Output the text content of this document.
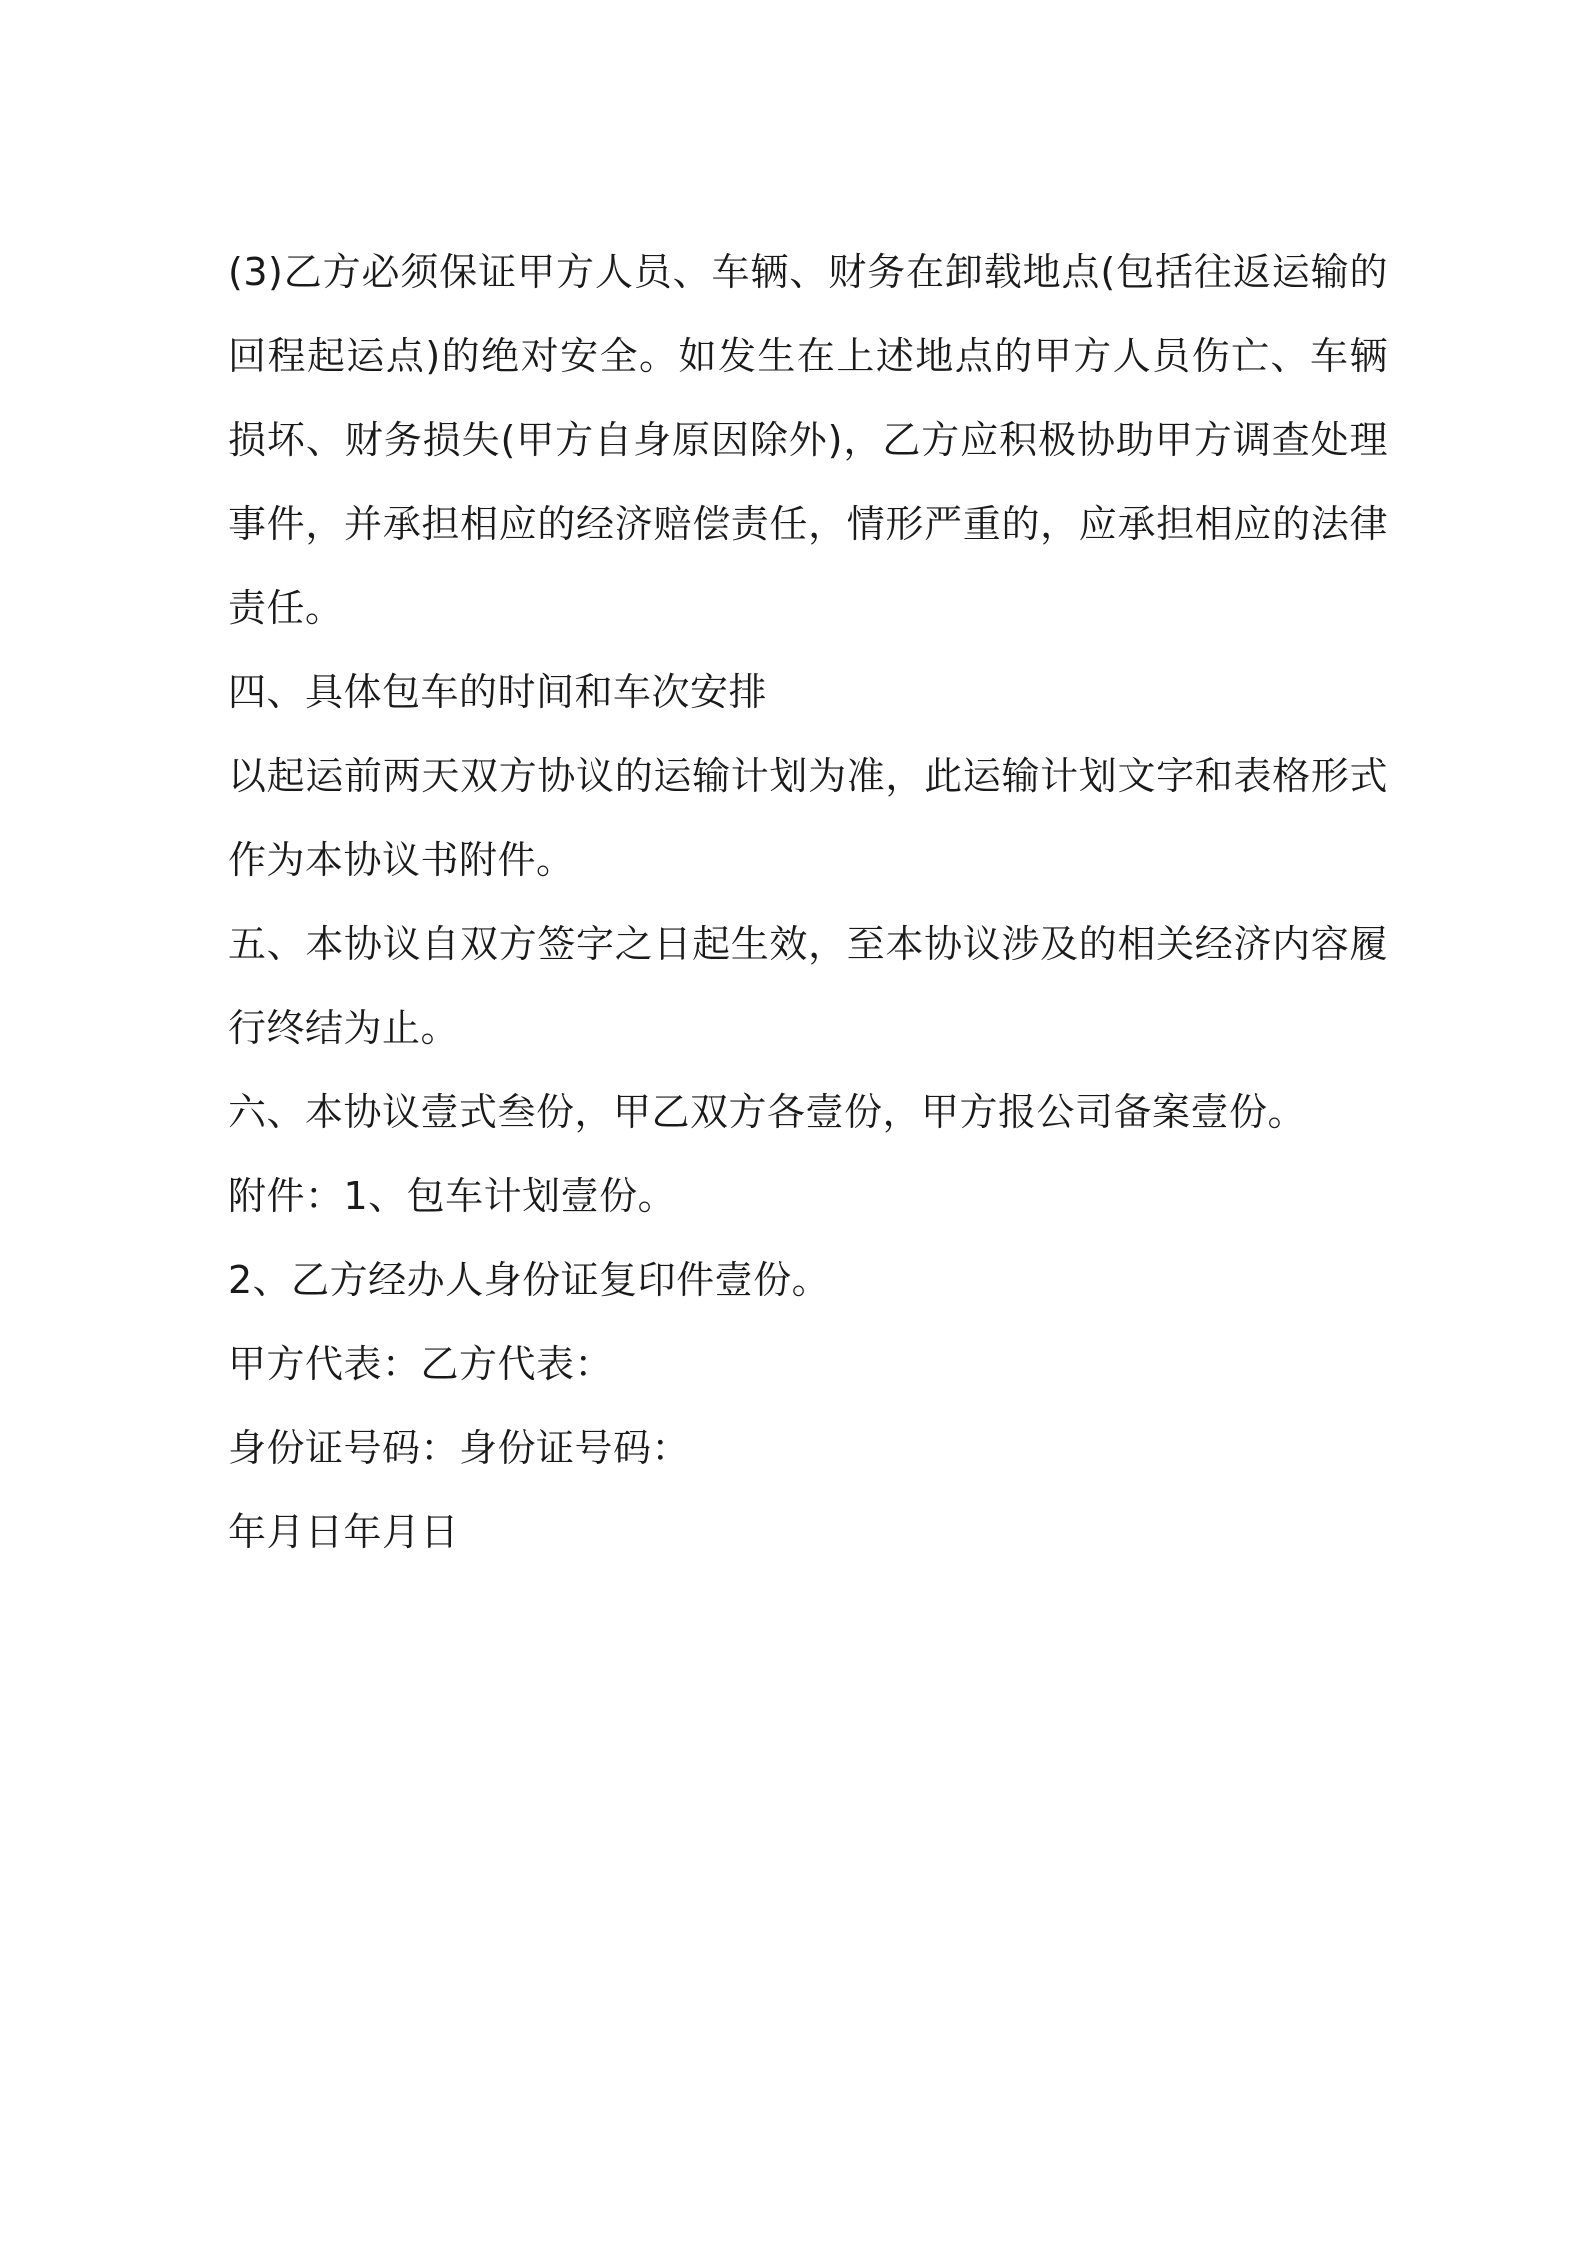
(3)乙方必须保证甲方人员、车辆、财务在卸载地点(包括往返运输的回程起运点)的绝对安全。如发生在上述地点的甲方人员伤亡、车辆损坏、财务损失(甲方自身原因除外)，乙方应积极协助甲方调查处理事件，并承担相应的经济赔偿责任，情形严重的，应承担相应的法律责任。

四、具体包车的时间和车次安排

以起运前两天双方协议的运输计划为准，此运输计划文字和表格形式作为本协议书附件。

五、本协议自双方签字之日起生效，至本协议涉及的相关经济内容履行终结为止。

六、本协议壹式叁份，甲乙双方各壹份，甲方报公司备案壹份。

附件：1、包车计划壹份。

2、乙方经办人身份证复印件壹份。

甲方代表：乙方代表：

身份证号码：身份证号码：

年月日年月日
